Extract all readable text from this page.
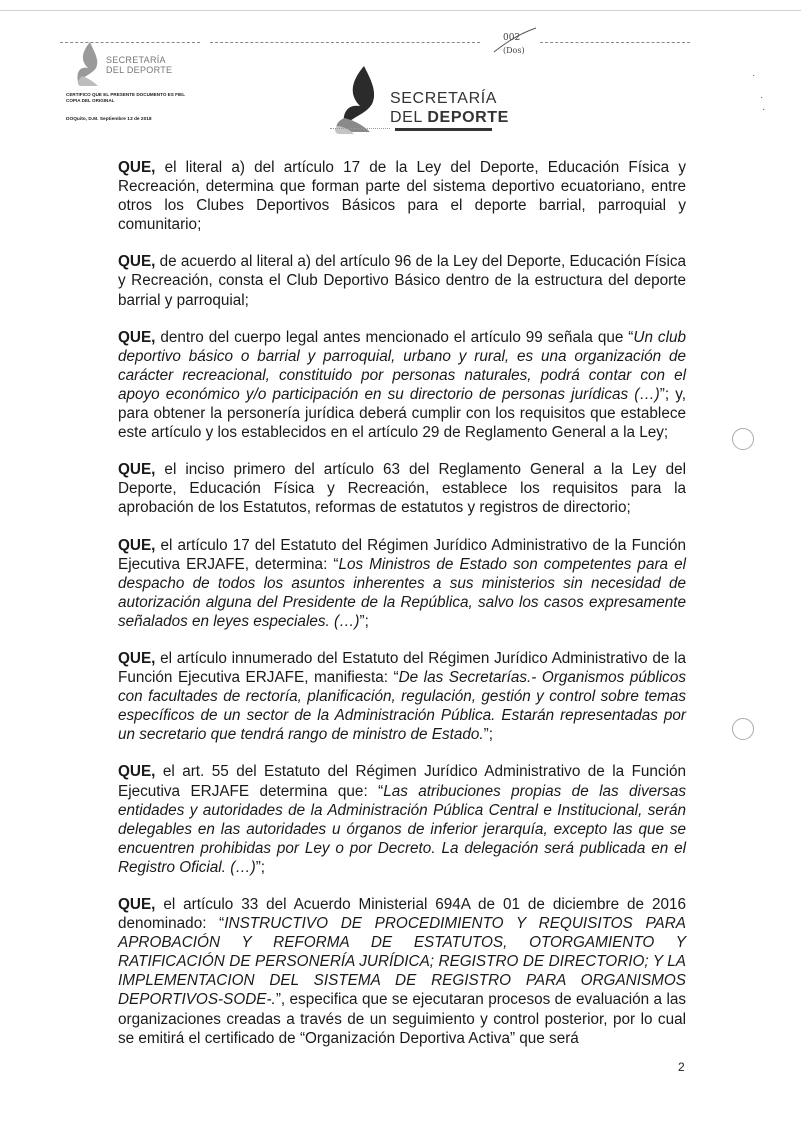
SECRETARÍA
DEL DEPORTE
CERTIFICO QUE EL PRESENTE DOCUMENTO ES FIEL COPIA DEL ORIGINAL
DOQuito, D.M. Septiembre 13 de 2018
002
(Dos)
SECRETARÍA
DEL DEPORTE
·
·
·

QUE, el literal a) del artículo 17 de la Ley del Deporte, Educación Física y Recreación, determina que forman parte del sistema deportivo ecuatoriano, entre otros los Clubes Deportivos Básicos para el deporte barrial, parroquial y comunitario;

QUE, de acuerdo al literal a) del artículo 96 de la Ley del Deporte, Educación Física y Recreación, consta el Club Deportivo Básico dentro de la estructura del deporte barrial y parroquial;

QUE, dentro del cuerpo legal antes mencionado el artículo 99 señala que “Un club deportivo básico o barrial y parroquial, urbano y rural, es una organización de carácter recreacional, constituido por personas naturales, podrá contar con el apoyo económico y/o participación en su directorio de personas jurídicas (…)”; y, para obtener la personería jurídica deberá cumplir con los requisitos que establece este artículo y los establecidos en el artículo 29 de Reglamento General a la Ley;

QUE, el inciso primero del artículo 63 del Reglamento General a la Ley del Deporte, Educación Física y Recreación, establece los requisitos para la aprobación de los Estatutos, reformas de estatutos y registros de directorio;

QUE, el artículo 17 del Estatuto del Régimen Jurídico Administrativo de la Función Ejecutiva ERJAFE, determina: “Los Ministros de Estado son competentes para el despacho de todos los asuntos inherentes a sus ministerios sin necesidad de autorización alguna del Presidente de la República, salvo los casos expresamente señalados en leyes especiales. (…)”;

QUE, el artículo innumerado del Estatuto del Régimen Jurídico Administrativo de la Función Ejecutiva ERJAFE, manifiesta: “De las Secretarías.- Organismos públicos con facultades de rectoría, planificación, regulación, gestión y control sobre temas específicos de un sector de la Administración Pública. Estarán representadas por un secretario que tendrá rango de ministro de Estado.”;

QUE, el art. 55 del Estatuto del Régimen Jurídico Administrativo de la Función Ejecutiva ERJAFE determina que: “Las atribuciones propias de las diversas entidades y autoridades de la Administración Pública Central e Institucional, serán delegables en las autoridades u órganos de inferior jerarquía, excepto las que se encuentren prohibidas por Ley o por Decreto. La delegación será publicada en el Registro Oficial. (…)”;

QUE, el artículo 33 del Acuerdo Ministerial 694A de 01 de diciembre de 2016 denominado: “INSTRUCTIVO DE PROCEDIMIENTO Y REQUISITOS PARA APROBACIÓN Y REFORMA DE ESTATUTOS, OTORGAMIENTO Y RATIFICACIÓN DE PERSONERÍA JURÍDICA; REGISTRO DE DIRECTORIO; Y LA IMPLEMENTACION DEL SISTEMA DE REGISTRO PARA ORGANISMOS DEPORTIVOS-SODE-.”, especifica que se ejecutaran procesos de evaluación a las organizaciones creadas a través de un seguimiento y control posterior, por lo cual se emitirá el certificado de “Organización Deportiva Activa” que será

2
